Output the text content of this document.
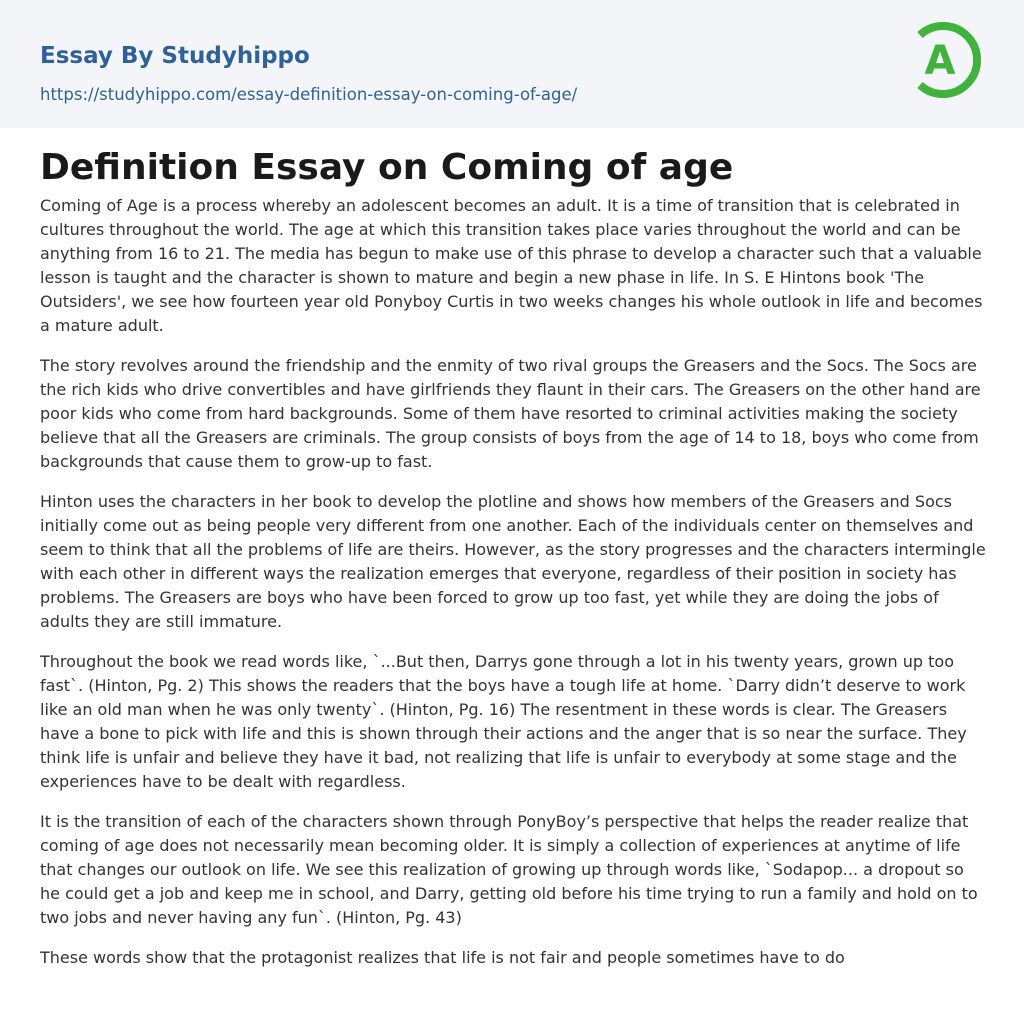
Essay By Studyhippo
https://studyhippo.com/essay-definition-essay-on-coming-of-age/
A
Definition Essay on Coming of age

Coming of Age is a process whereby an adolescent becomes an adult. It is a time of transition that is celebrated in cultures throughout the world. The age at which this transition takes place varies throughout the world and can be anything from 16 to 21. The media has begun to make use of this phrase to develop a character such that a valuable lesson is taught and the character is shown to mature and begin a new phase in life. In S. E Hintons book 'The Outsiders', we see how fourteen year old Ponyboy Curtis in two weeks changes his whole outlook in life and becomes a mature adult.

The story revolves around the friendship and the enmity of two rival groups the Greasers and the Socs. The Socs are the rich kids who drive convertibles and have girlfriends they flaunt in their cars. The Greasers on the other hand are poor kids who come from hard backgrounds. Some of them have resorted to criminal activities making the society believe that all the Greasers are criminals. The group consists of boys from the age of 14 to 18, boys who come from backgrounds that cause them to grow-up to fast.

Hinton uses the characters in her book to develop the plotline and shows how members of the Greasers and Socs initially come out as being people very different from one another. Each of the individuals center on themselves and seem to think that all the problems of life are theirs. However, as the story progresses and the characters intermingle with each other in different ways the realization emerges that everyone, regardless of their position in society has problems. The Greasers are boys who have been forced to grow up too fast, yet while they are doing the jobs of adults they are still immature.

Throughout the book we read words like, `...But then, Darrys gone through a lot in his twenty years, grown up too fast`. (Hinton, Pg. 2) This shows the readers that the boys have a tough life at home. `Darry didn’t deserve to work like an old man when he was only twenty`. (Hinton, Pg. 16) The resentment in these words is clear. The Greasers have a bone to pick with life and this is shown through their actions and the anger that is so near the surface. They think life is unfair and believe they have it bad, not realizing that life is unfair to everybody at some stage and the experiences have to be dealt with regardless.

It is the transition of each of the characters shown through PonyBoy’s perspective that helps the reader realize that coming of age does not necessarily mean becoming older. It is simply a collection of experiences at anytime of life that changes our outlook on life. We see this realization of growing up through words like, `Sodapop... a dropout so he could get a job and keep me in school, and Darry, getting old before his time trying to run a family and hold on to two jobs and never having any fun`. (Hinton, Pg. 43)

These words show that the protagonist realizes that life is not fair and people sometimes have to do
